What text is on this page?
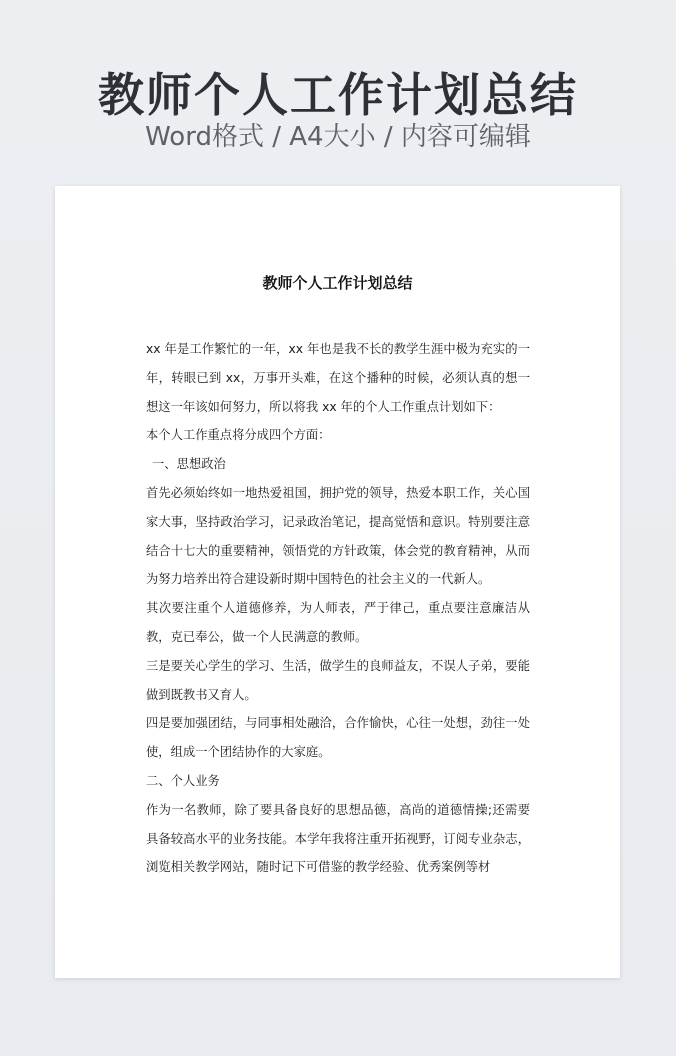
教师个人工作计划总结
Word格式 / A4大小 / 内容可编辑
教师个人工作计划总结

xx 年是工作繁忙的一年，xx 年也是我不长的教学生涯中极为充实的一年，转眼已到 xx，万事开头难，在这个播种的时候，必须认真的想一想这一年该如何努力，所以将我 xx 年的个人工作重点计划如下：

本个人工作重点将分成四个方面：

一、思想政治

首先必须始终如一地热爱祖国，拥护党的领导，热爱本职工作，关心国家大事，坚持政治学习，记录政治笔记，提高觉悟和意识。特别要注意结合十七大的重要精神，领悟党的方针政策，体会党的教育精神，从而为努力培养出符合建设新时期中国特色的社会主义的一代新人。

其次要注重个人道德修养，为人师表，严于律己，重点要注意廉洁从教，克已奉公，做一个人民满意的教师。

三是要关心学生的学习、生活，做学生的良师益友，不误人子弟，要能做到既教书又育人。

四是要加强团结，与同事相处融洽，合作愉快，心往一处想，劲往一处使，组成一个团结协作的大家庭。

二、个人业务

作为一名教师，除了要具备良好的思想品德，高尚的道德情操;还需要具备较高水平的业务技能。本学年我将注重开拓视野，订阅专业杂志，浏览相关教学网站，随时记下可借鉴的教学经验、优秀案例等材
